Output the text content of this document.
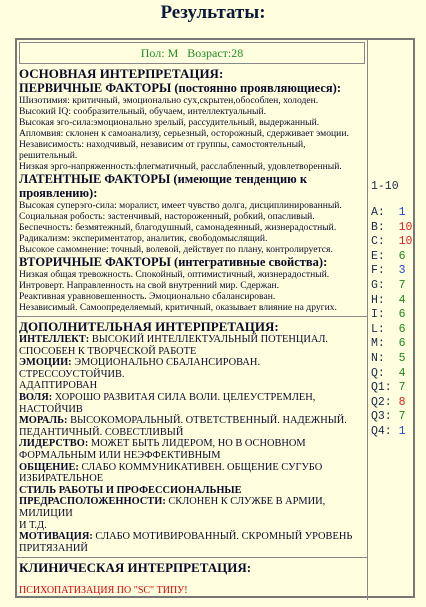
Результаты:
Пол: М Возраст:28

ОСНОВНАЯ ИНТЕРПРЕТАЦИЯ:

ПЕРВИЧНЫЕ ФАКТОРЫ (постоянно проявляющиеся):

Шизотимия: критичный, эмоционально сух,скрытен,обособлен, холоден.

Высокий IQ: сообразительный, обучаем, интеллектуальный.

Высокая эго-сила:эмоционально зрелый, рассудительный, выдержанный.

Апломвия: склонен к самоанализу, серьезный, осторожный, сдерживает эмоции.

Независимость: находчивый, независим от группы, самостоятельный,

решительный.

Низкая эрго-напряженность:флегматичный, расслабленный, удовлетворенный.

ЛАТЕНТНЫЕ ФАКТОРЫ (имеющие тенденцию к

проявлению):

Высокая суперэго-сила: моралист, имеет чувство долга, дисциплинированный.

Социальная робость: застенчивый, настороженный, робкий, опасливый.

Беспечность: безмятежный, благодушный, самонадеянный, жизнерадостный.

Радикализм: экспериментатор, аналитик, свободомыслящий.

Высокое самомнение: точный, волевой, действует по плану, контролируется.

ВТОРИЧНЫЕ ФАКТОРЫ (интегративные свойства):

Низкая общая тревожность. Спокойный, оптимистичный, жизнерадостный.

Интроверт. Направленность на свой внутренний мир. Сдержан.

Реактивная уравновешенность. Эмоционально сбалансирован.

Независимый. Самоопределяемый, критичный, оказывает влияние на других.

ДОПОЛНИТЕЛЬНАЯ ИНТЕРПРЕТАЦИЯ:

ИНТЕЛЛЕКТ: ВЫСОКИЙ ИНТЕЛЛЕКТУАЛЬНЫЙ ПОТЕНЦИАЛ.

СПОСОБЕН К ТВОРЧЕСКОЙ РАБОТЕ

ЭМОЦИИ: ЭМОЦИОНАЛЬНО СБАЛАНСИРОВАН. СТРЕССОУСТОЙЧИВ.

АДАПТИРОВАН

ВОЛЯ: ХОРОШО РАЗВИТАЯ СИЛА ВОЛИ. ЦЕЛЕУСТРЕМЛЕН, НАСТОЙЧИВ

МОРАЛЬ: ВЫСОКОМОРАЛЬНЫЙ. ОТВЕТСТВЕННЫЙ. НАДЕЖНЫЙ.

ПЕДАНТИЧНЫЙ. СОВЕСТЛИВЫЙ

ЛИДЕРСТВО: МОЖЕТ БЫТЬ ЛИДЕРОМ, НО В ОСНОВНОМ

ФОРМАЛЬНЫМ ИЛИ НЕЭФФЕКТИВНЫМ

ОБЩЕНИЕ: СЛАБО КОММУНИКАТИВЕН. ОБЩЕНИЕ СУГУБО

ИЗБИРАТЕЛЬНОЕ

СТИЛЬ РАБОТЫ И ПРОФЕССИОНАЛЬНЫЕ

ПРЕДРАСПОЛОЖЕННОСТИ: СКЛОНЕН К СЛУЖБЕ В АРМИИ, МИЛИЦИИ

И Т.Д.

МОТИВАЦИЯ: СЛАБО МОТИВИРОВАННЫЙ. СКРОМНЫЙ УРОВЕНЬ

ПРИТЯЗАНИЙ

КЛИНИЧЕСКАЯ ИНТЕРПРЕТАЦИЯ:

ПСИХОПАТИЗАЦИЯ ПО "SC" ТИПУ!

1-10
A:  1
B:  10
C:  10
E:  6
F:  3
G:  7
H:  4
I:  6
L:  6
M:  6
N:  5
Q:  4
Q1: 7
Q2: 8
Q3: 7
Q4: 1
